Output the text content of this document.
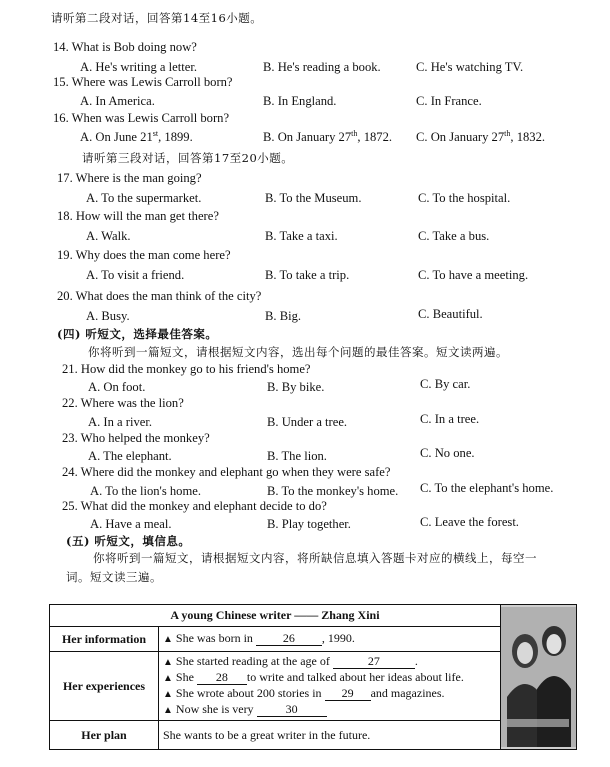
请听第二段对话，回答第14至16小题。
14. What is Bob doing now?
A. He's writing a letter.	B. He's reading a book.	C. He's watching TV.
15. Where was Lewis Carroll born?
A. In America.	B. In England.	C. In France.
16. When was Lewis Carroll born?
A. On June 21st, 1899.	B. On January 27th, 1872. C. On January 27th, 1832.
请听第三段对话，回答第17至20小题。
17. Where is the man going?
A. To the supermarket.	B. To the Museum.	C. To the hospital.
18. How will the man get there?
A. Walk.	B. Take a taxi.	C. Take a bus.
19. Why does the man come here?
A. To visit a friend.	B. To take a trip.	C. To have a meeting.
20. What does the man think of the city?
A. Busy.	B. Big.	C. Beautiful.
(四) 听短文，选择最佳答案。
你将听到一篇短文，请根据短文内容，选出每个问题的最佳答案。短文读两遍。
21. How did the monkey go to his friend's home?
A. On foot.	B. By bike.	C. By car.
22. Where was the lion?
A. In a river.	B. Under a tree.	C. In a tree.
23. Who helped the monkey?
A. The elephant.	B. The lion.	C. No one.
24. Where did the monkey and elephant go when they were safe?
A. To the lion's home.	B. To the monkey's home. C. To the elephant's home.
25. What did the monkey and elephant decide to do?
A. Have a meal.	B. Play together.	C. Leave the forest.
(五) 听短文，填信息。
你将听到一篇短文，请根据短文内容，将所缺信息填入答题卡对应的横线上，每空一
词。短文读三遍。
A young Chinese writer —— Zhang Xini	

Her information	▲ She was born in 26 , 1990.	

Her experiences	▲ She started reading at the age of 27 .
▲ She 28 to write and talked about her ideas about life.
▲ She wrote about 200 stories in 29 and magazines.
▲ Now she is very 30	

Her plan	She wants to be a great writer in the future.	
